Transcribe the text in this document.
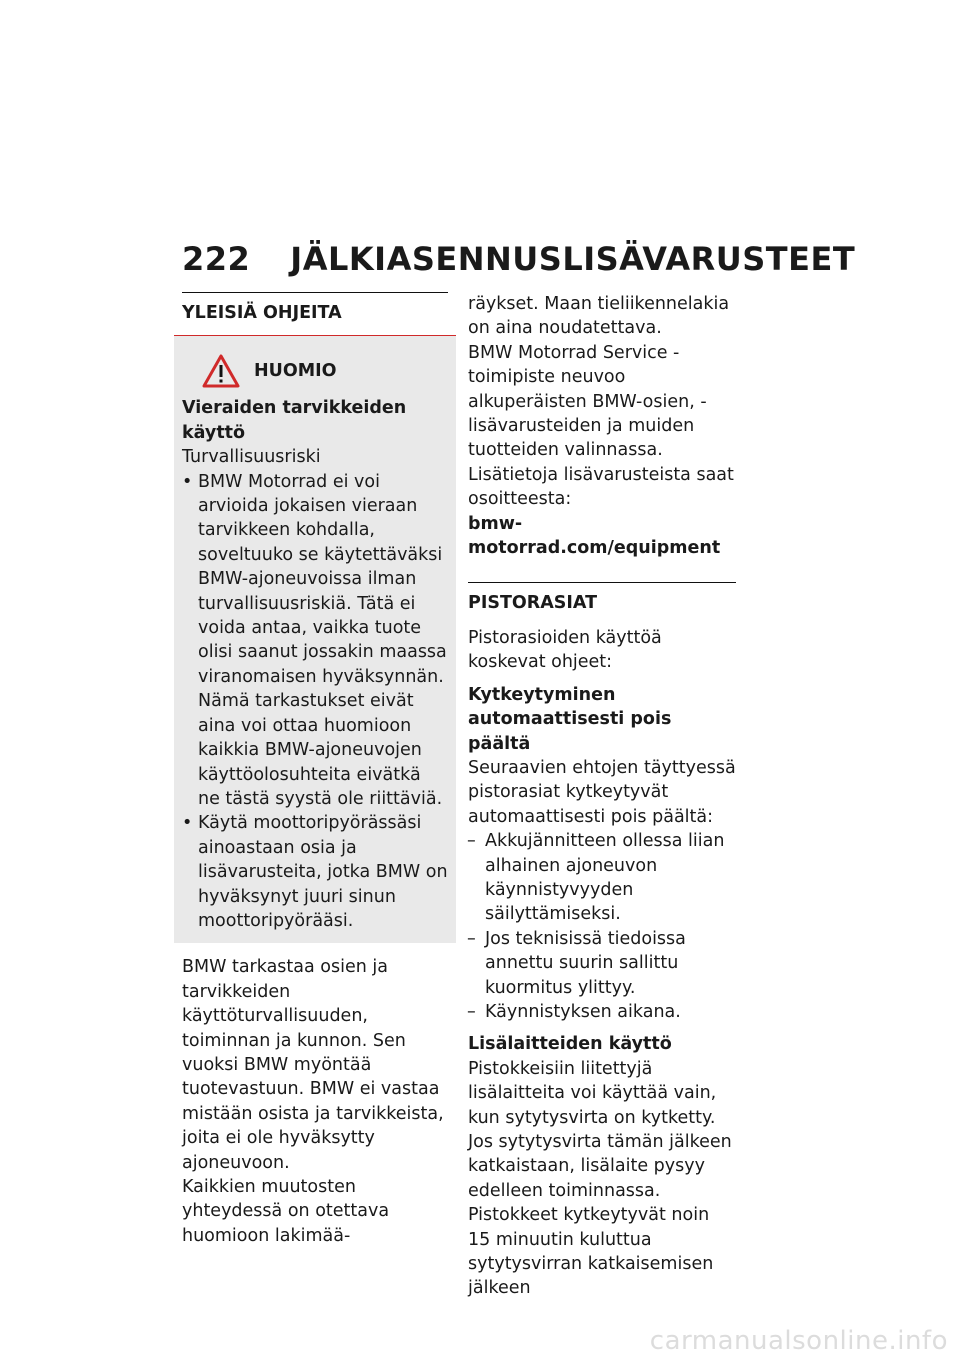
222 JÄLKIASENNUSLISÄVARUSTEET
YLEISIÄ OHJEITA
HUOMIO

Vieraiden tarvikkeiden käyttö

Turvallisuusriski

• BMW Motorrad ei voi arvioida jokaisen vieraan tarvikkeen kohdalla, soveltuuko se käytettäväksi BMW-ajoneuvoissa ilman turvallisuusriskiä. Tätä ei voida antaa, vaikka tuote olisi saanut jossakin maassa viranomaisen hyväksynnän. Nämä tarkastukset eivät aina voi ottaa huomioon kaikkia BMW-ajoneuvojen käyttöolosuhteita eivätkä ne tästä syystä ole riittäviä.
• Käytä moottoripyörässäsi ainoastaan osia ja lisävarusteita, jotka BMW on hyväksynyt juuri sinun moottoripyörääsi.

BMW tarkastaa osien ja tarvikkeiden käyttöturvallisuuden, toiminnan ja kunnon. Sen vuoksi BMW myöntää tuotevastuun. BMW ei vastaa mistään osista ja tarvikkeista, joita ei ole hyväksytty ajoneuvoon.

Kaikkien muutosten yhteydessä on otettava huomioon lakimää-

räykset. Maan tieliikennelakia on aina noudatettava.

BMW Motorrad Service -toimipiste neuvoo alkuperäisten BMW-osien, -lisävarusteiden ja muiden tuotteiden valinnassa.

Lisätietoja lisävarusteista saat osoitteesta:

bmw-motorrad.com/equipment

PISTORASIAT

Pistorasioiden käyttöä koskevat ohjeet:

Kytkeytyminen automaattisesti pois päältä

Seuraavien ehtojen täyttyessä pistorasiat kytkeytyvät automaattisesti pois päältä:

– Akkujännitteen ollessa liian alhainen ajoneuvon käynnistyvyyden säilyttämiseksi.
– Jos teknisissä tiedoissa annettu suurin sallittu kuormitus ylittyy.
– Käynnistyksen aikana.

Lisälaitteiden käyttö

Pistokkeisiin liitettyjä lisälaitteita voi käyttää vain, kun sytytysvirta on kytketty. Jos sytytysvirta tämän jälkeen katkaistaan, lisälaite pysyy edelleen toiminnassa. Pistokkeet kytkeytyvät noin 15 minuutin kuluttua sytytysvirran katkaisemisen jälkeen

carmanualsonline.info
